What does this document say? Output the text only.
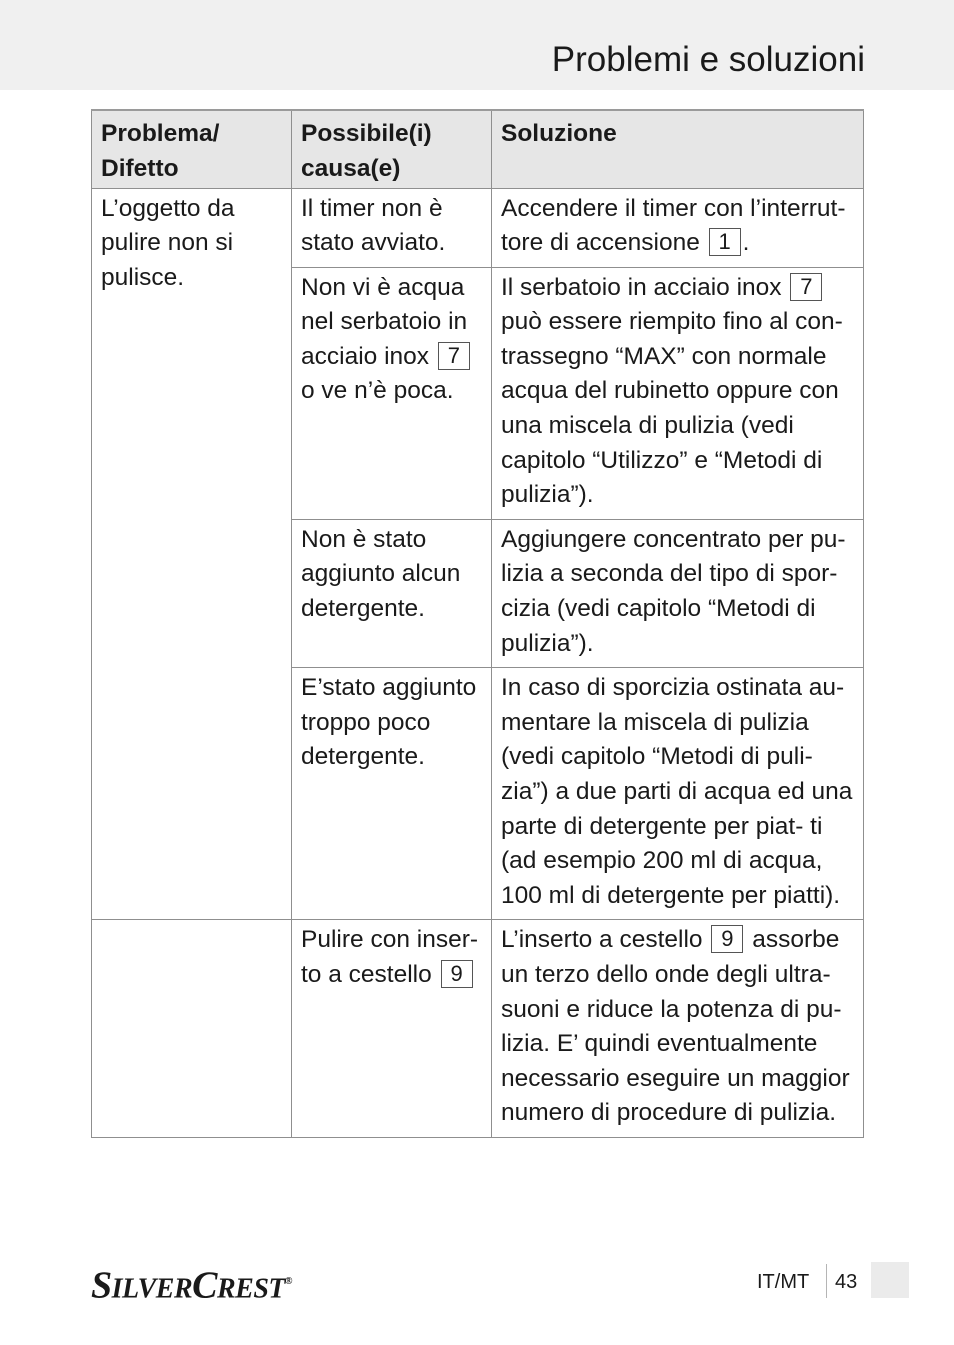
Problemi e soluzioni
Problema/ Difetto	Possibile(i) causa(e)	Soluzione
L’oggetto da pulire non si pulisce.	Il timer non è stato avviato.	Accendere il timer con l’interrut- tore di accensione 1 .
	Non vi è acqua nel serbatoio in acciaio inox 7 o ve n’è poca.	Il serbatoio in acciaio inox 7 può essere riempito fino al con- trassegno “MAX” con normale acqua del rubinetto oppure con una miscela di pulizia (vedi capitolo “Utilizzo” e “Metodi di pulizia”).
	Non è stato aggiunto alcun detergente.	Aggiungere concentrato per pu- lizia a seconda del tipo di spor- cizia (vedi capitolo “Metodi di pulizia”).
	E’stato aggiunto troppo poco detergente.	In caso di sporcizia ostinata au- mentare la miscela di pulizia (vedi capitolo “Metodi di puli- zia”) a due parti di acqua ed una parte di detergente per piat- ti (ad esempio 200 ml di acqua, 100 ml di detergente per piatti).
	Pulire con inser- to a cestello 9	L’inserto a cestello 9 assorbe un terzo dello onde degli ultra- suoni e riduce la potenza di pu- lizia. E’ quindi eventualmente necessario eseguire un maggior numero di procedure di pulizia.
SILVERCREST®	IT/MT 43
